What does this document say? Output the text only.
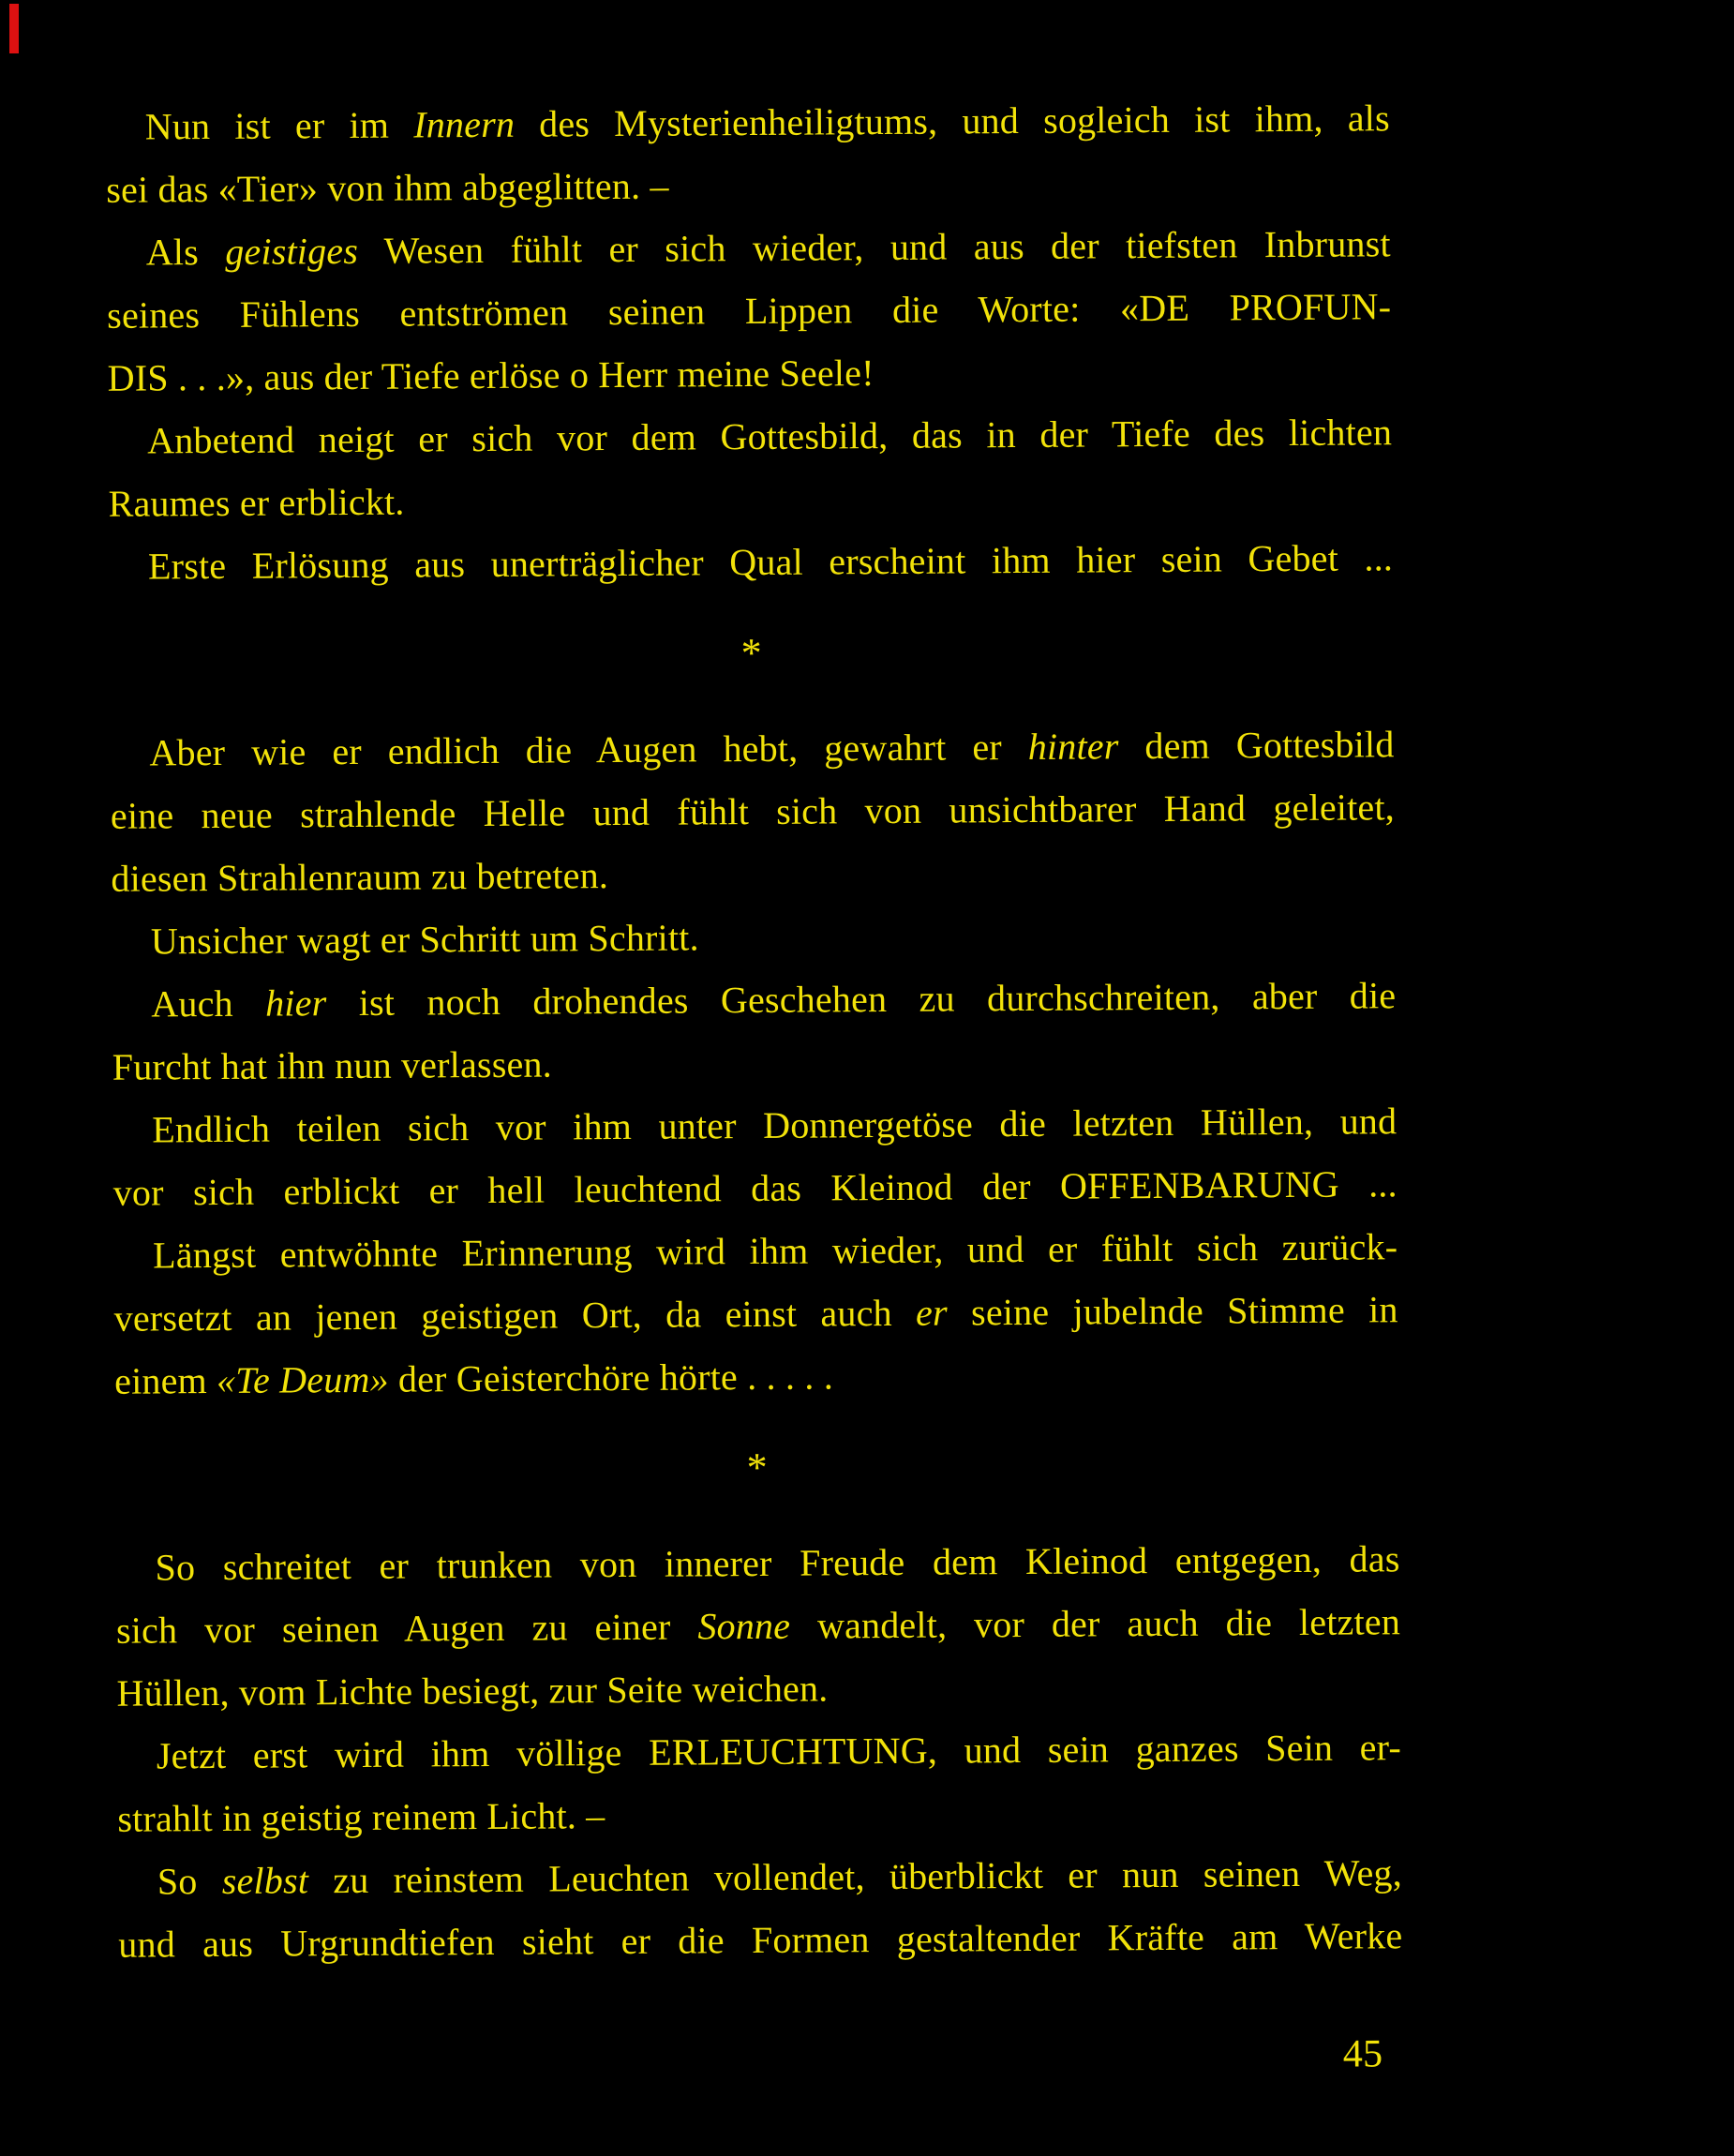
Nun ist er im Innern des Mysterienheiligtums, und sogleich ist ihm, als
sei das «Tier» von ihm abgeglitten. –
Als geistiges Wesen fühlt er sich wieder, und aus der tiefsten Inbrunst
seines Fühlens entströmen seinen Lippen die Worte: «DE PROFUN-
DIS . . .», aus der Tiefe erlöse o Herr meine Seele!
Anbetend neigt er sich vor dem Gottesbild, das in der Tiefe des lichten
Raumes er erblickt.
Erste Erlösung aus unerträglicher Qual erscheint ihm hier sein Gebet ...
*
Aber wie er endlich die Augen hebt, gewahrt er hinter dem Gottesbild
eine neue strahlende Helle und fühlt sich von unsichtbarer Hand geleitet,
diesen Strahlenraum zu betreten.
Unsicher wagt er Schritt um Schritt.
Auch hier ist noch drohendes Geschehen zu durchschreiten, aber die
Furcht hat ihn nun verlassen.
Endlich teilen sich vor ihm unter Donnergetöse die letzten Hüllen, und
vor sich erblickt er hell leuchtend das Kleinod der OFFENBARUNG ...
Längst entwöhnte Erinnerung wird ihm wieder, und er fühlt sich zurück-
versetzt an jenen geistigen Ort, da einst auch er seine jubelnde Stimme in
einem «Te Deum» der Geisterchöre hörte . . . . .
*
So schreitet er trunken von innerer Freude dem Kleinod entgegen, das
sich vor seinen Augen zu einer Sonne wandelt, vor der auch die letzten
Hüllen, vom Lichte besiegt, zur Seite weichen.
Jetzt erst wird ihm völlige ERLEUCHTUNG, und sein ganzes Sein er-
strahlt in geistig reinem Licht. –
So selbst zu reinstem Leuchten vollendet, überblickt er nun seinen Weg,
und aus Urgrundtiefen sieht er die Formen gestaltender Kräfte am Werke
45
